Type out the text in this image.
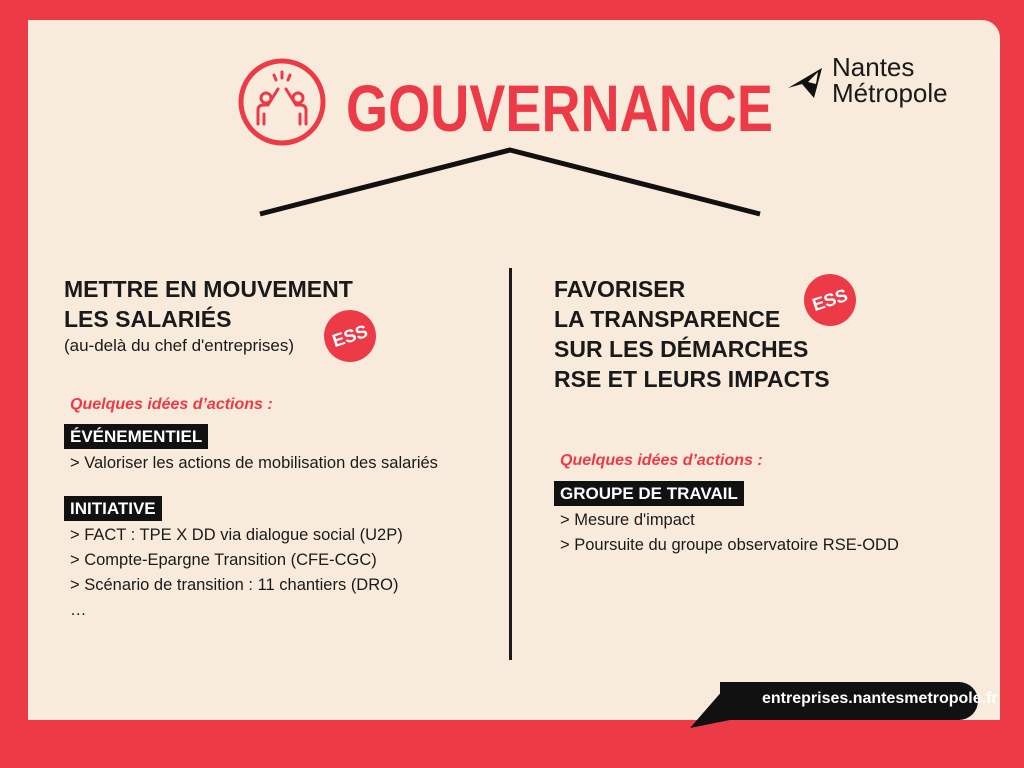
GOUVERNANCE
Nantes
Métropole
METTRE EN MOUVEMENT
LES SALARIÉS
(au-delà du chef d'entreprises)	ESS
Quelques idées d’actions :
ÉVÉNEMENTIEL
> Valoriser les actions de mobilisation des salariés
INITIATIVE
> FACT : TPE X DD via dialogue social (U2P)
> Compte-Epargne Transition (CFE-CGC)
> Scénario de transition : 11 chantiers (DRO)
…
FAVORISER
LA TRANSPARENCE
SUR LES DÉMARCHES
RSE ET LEURS IMPACTS
ESS
Quelques idées d’actions :
GROUPE DE TRAVAIL
> Mesure d'impact
> Poursuite du groupe observatoire RSE-ODD
entreprises.nantesmetropole.fr
